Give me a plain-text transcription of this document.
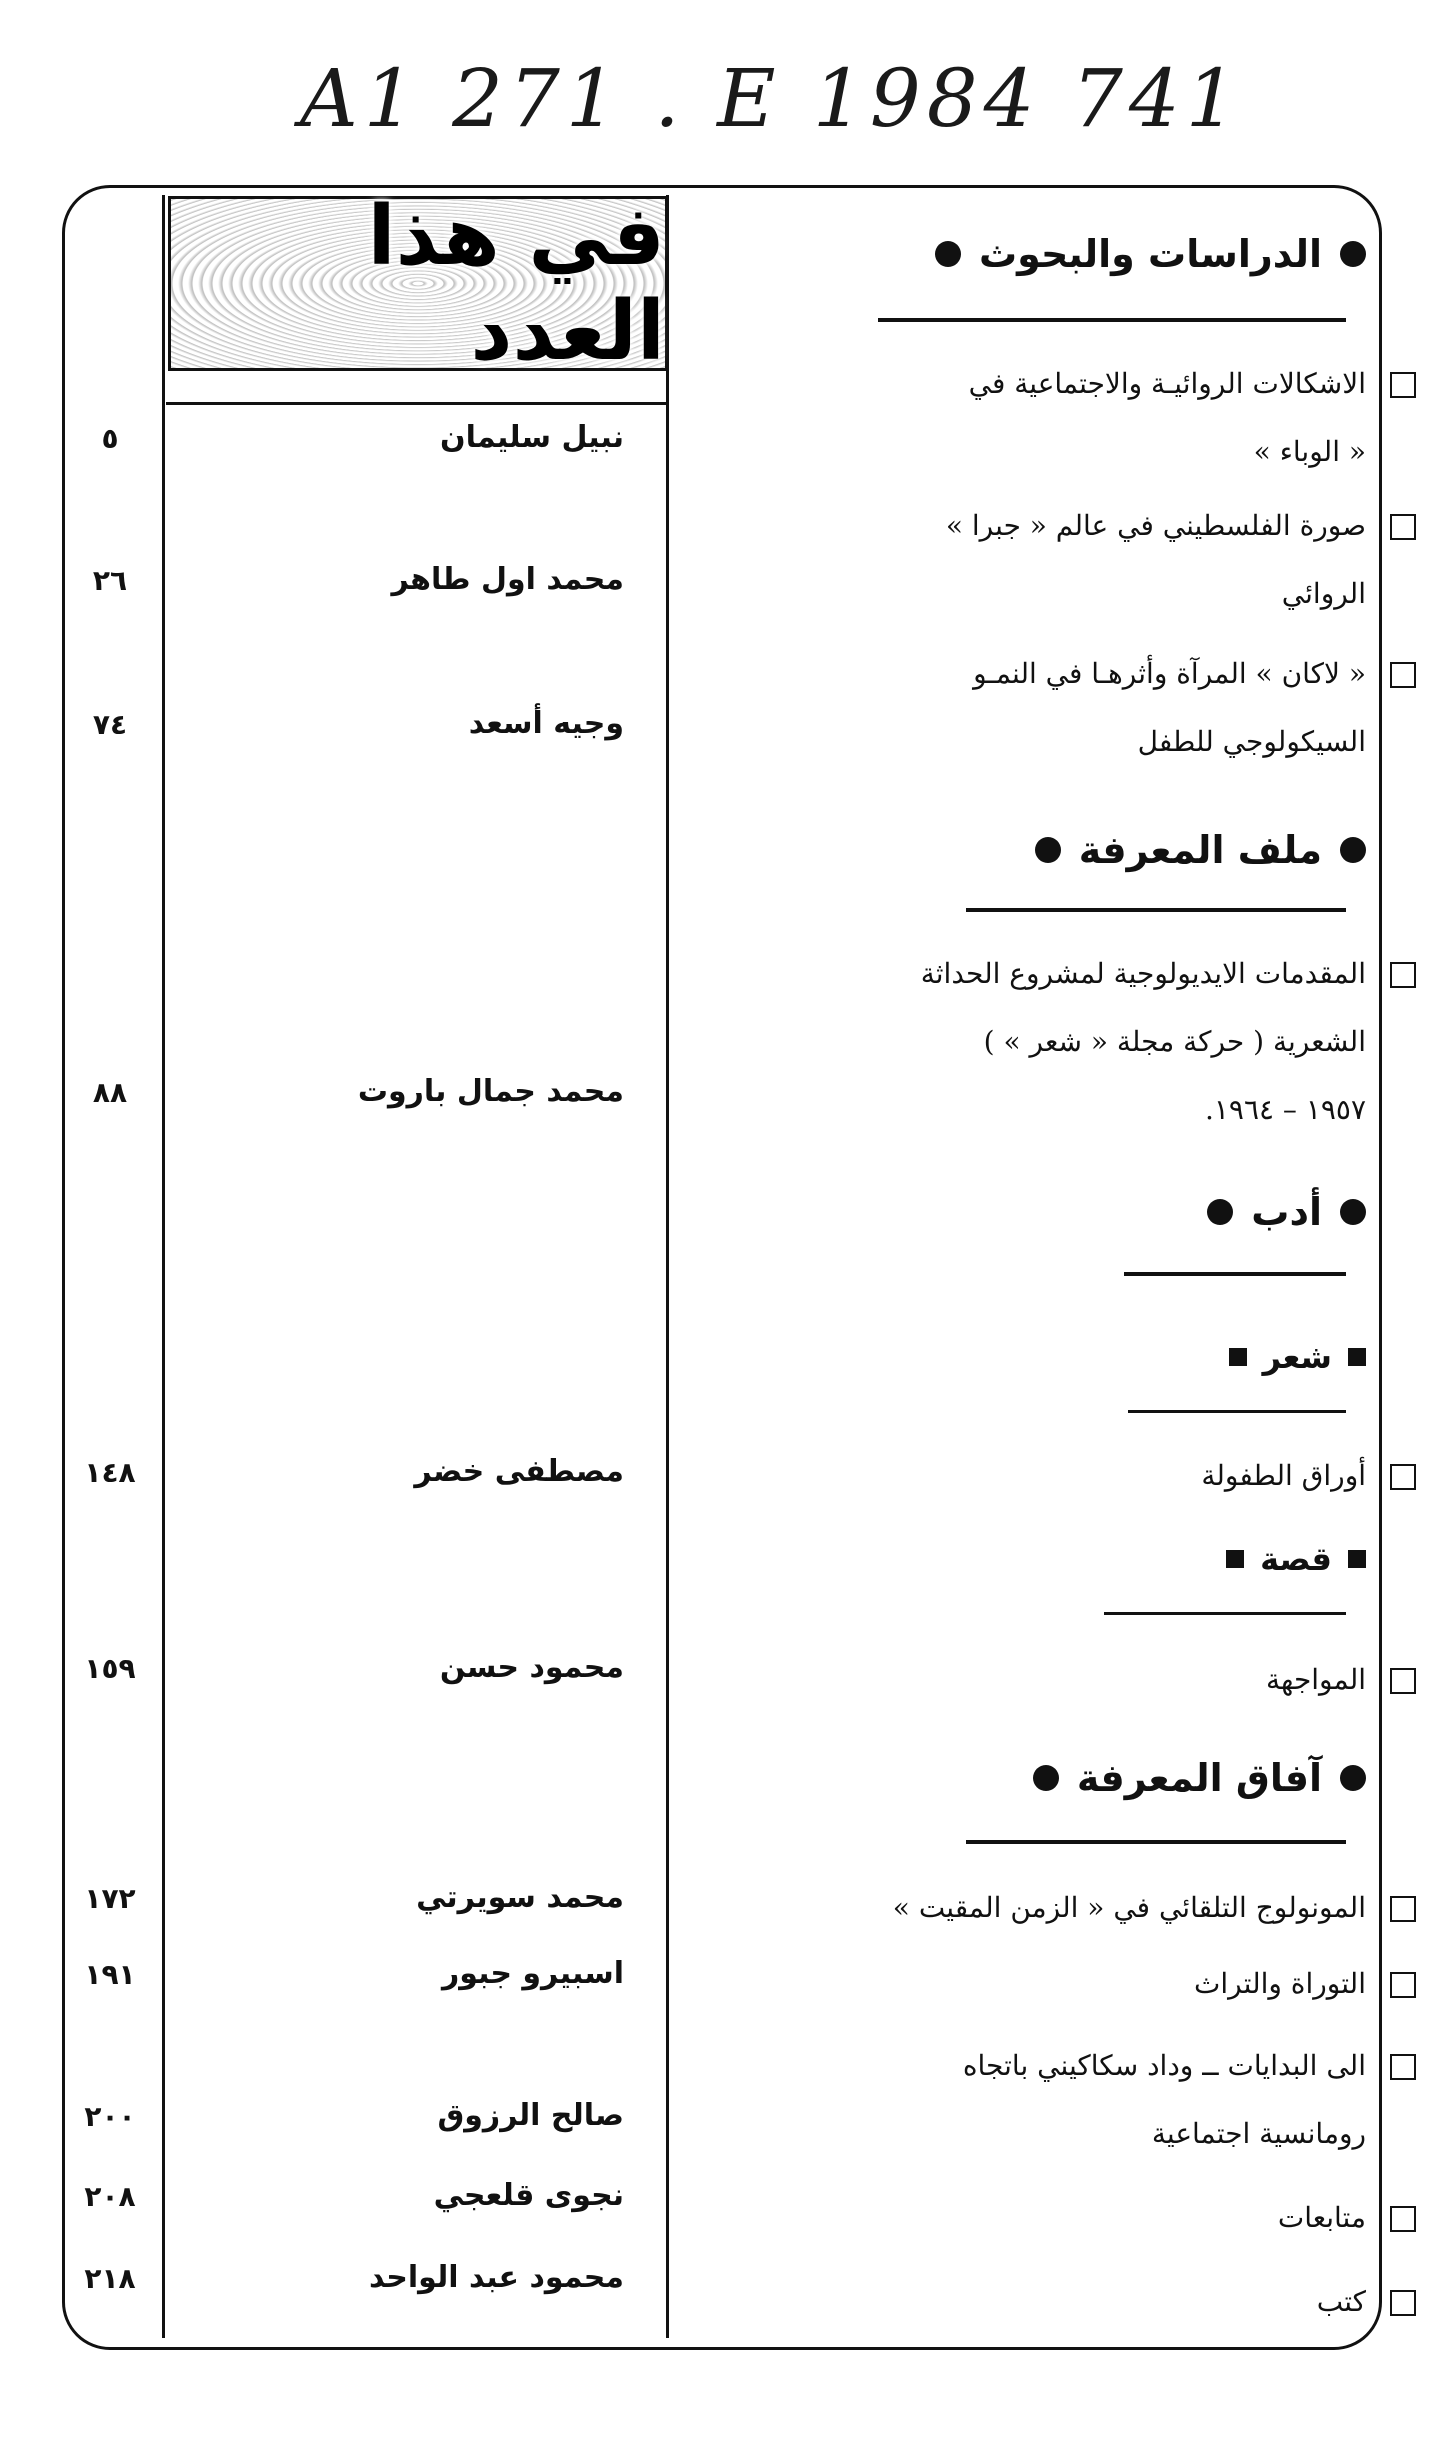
A1 271 . E 1984 741
في هذا العدد
الدراسات والبحوث
الاشكالات الروائيـة والاجتماعية في
« الوباء »
نبيل سليمان
٥
صورة الفلسطيني في عالم « جبرا »
الروائي
محمد اول طاهر
٢٦
« لاكان » المرآة وأثرهـا في النمـو
السيكولوجي للطفل
وجيه أسعد
٧٤
ملف المعرفة
المقدمات الايديولوجية لمشروع الحداثة
الشعرية ( حركة مجلة « شعر » )
١٩٥٧ – ١٩٦٤.
محمد جمال باروت
٨٨
أدب
شعر
أوراق الطفولة
مصطفى خضر
١٤٨
قصة
المواجهة
محمود حسن
١٥٩
آفاق المعرفة
المونولوج التلقائي في « الزمن المقيت »
محمد سويرتي
١٧٢
التوراة والتراث
اسبيرو جبور
١٩١
الى البدايات ــ وداد سكاكيني باتجاه
رومانسية اجتماعية
صالح الرزوق
٢٠٠
متابعات
نجوى قلعجي
٢٠٨
كتب
محمود عبد الواحد
٢١٨
